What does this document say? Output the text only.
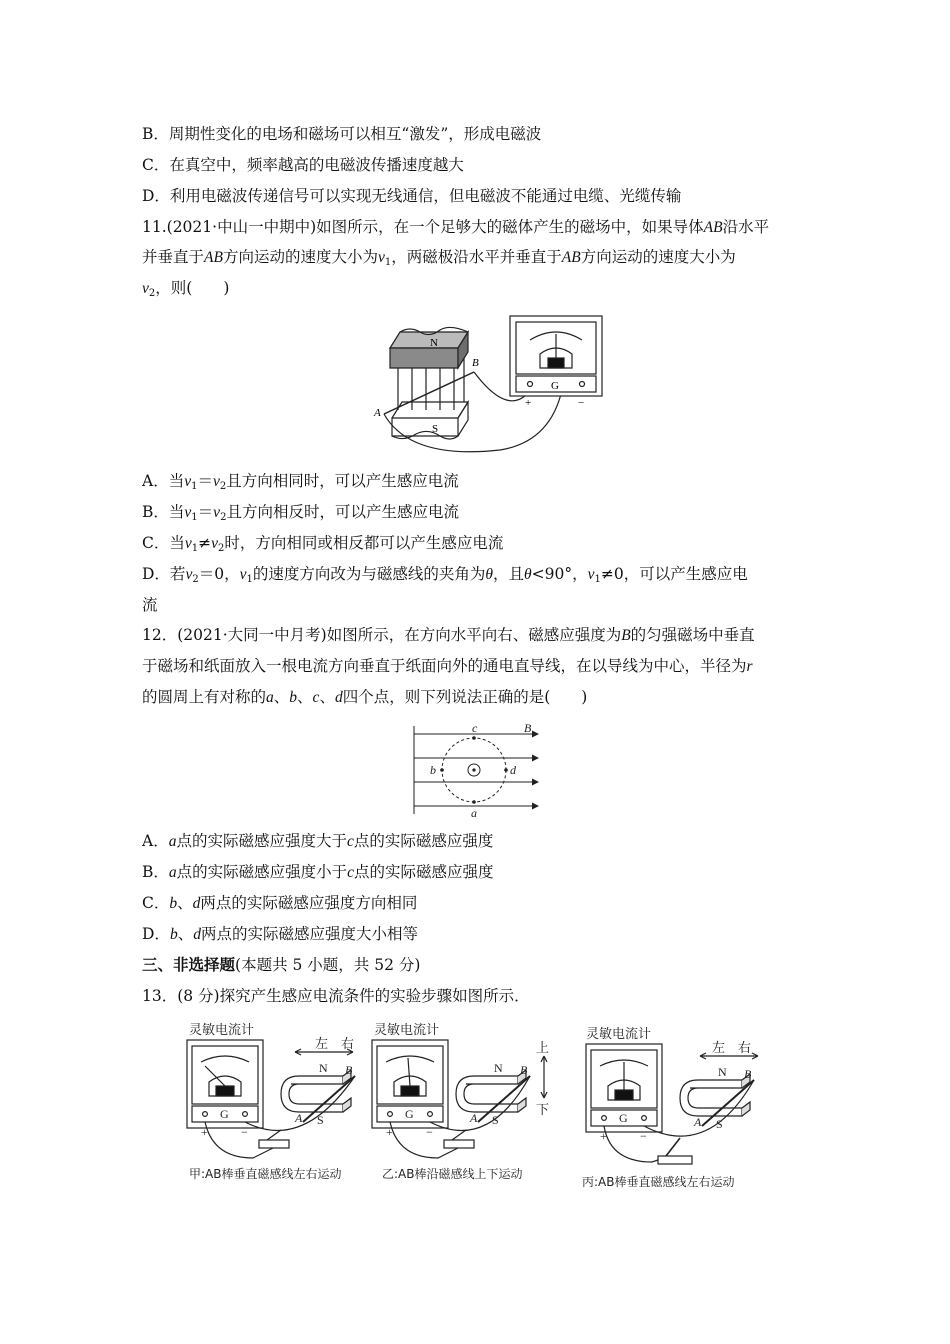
B．周期性变化的电场和磁场可以相互“激发”，形成电磁波
C．在真空中，频率越高的电磁波传播速度越大
D．利用电磁波传递信号可以实现无线通信，但电磁波不能通过电缆、光缆传输
11.(2021·中山一中期中)如图所示，在一个足够大的磁体产生的磁场中，如果导体AB沿水平
并垂直于AB方向运动的速度大小为$v_1$，两磁极沿水平并垂直于AB方向运动的速度大小为
$v_2$，则(　　)
N
S
A
B
G
+	−
A．当$v_1=v_2$且方向相同时，可以产生感应电流
B．当$v_1=v_2$且方向相反时，可以产生感应电流
C．当$v_1\ne v_2$时，方向相同或相反都可以产生感应电流
D．若$v_2=0$，$v_1$的速度方向改为与磁感线的夹角为θ，且θ<90°，$v_1\ne 0$，可以产生感应电
流
12．(2021·大同一中月考)如图所示，在方向水平向右、磁感应强度为B的匀强磁场中垂直
于磁场和纸面放入一根电流方向垂直于纸面向外的通电直导线，在以导线为中心，半径为r
的圆周上有对称的a、b、c、d四个点，则下列说法正确的是(　　)
c
b	d
a
B
A．a点的实际磁感应强度大于c点的实际磁感应强度
B．a点的实际磁感应强度小于c点的实际磁感应强度
C．b、d两点的实际磁感应强度方向相同
D．b、d两点的实际磁感应强度大小相等
三、非选择题(本题共 5 小题，共 52 分)
13．(8 分)探究产生感应电流条件的实验步骤如图所示．
灵敏电流计
左 右
N
S
A
B
G
+	−
甲:AB棒垂直磁感线左右运动
灵敏电流计
上
下
N
S
A
B
G
+	−
乙:AB棒沿磁感线上下运动
灵敏电流计
左 右
N
S
A
B
G
+	−
丙:AB棒垂直磁感线左右运动
